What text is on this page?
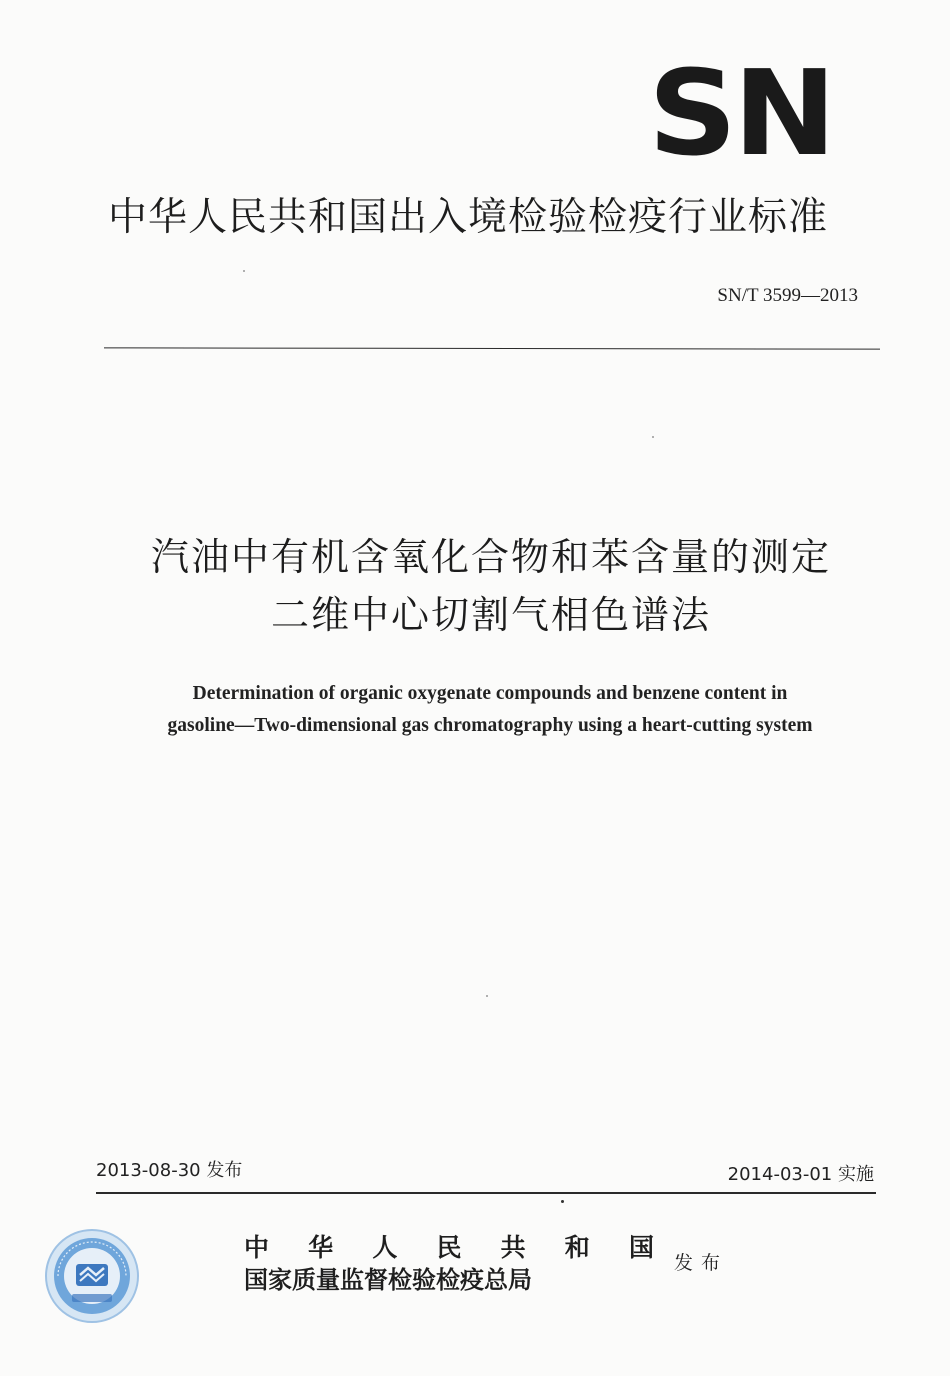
SN
中华人民共和国出入境检验检疫行业标准
SN/T 3599—2013
汽油中有机含氧化合物和苯含量的测定
二维中心切割气相色谱法
Determination of organic oxygenate compounds and benzene content in
gasoline—Two-dimensional gas chromatography using a heart-cutting system
2013-08-30 发布	2014-03-01 实施
中 华 人 民 共 和 国
国家质量监督检验检疫总局
发布
